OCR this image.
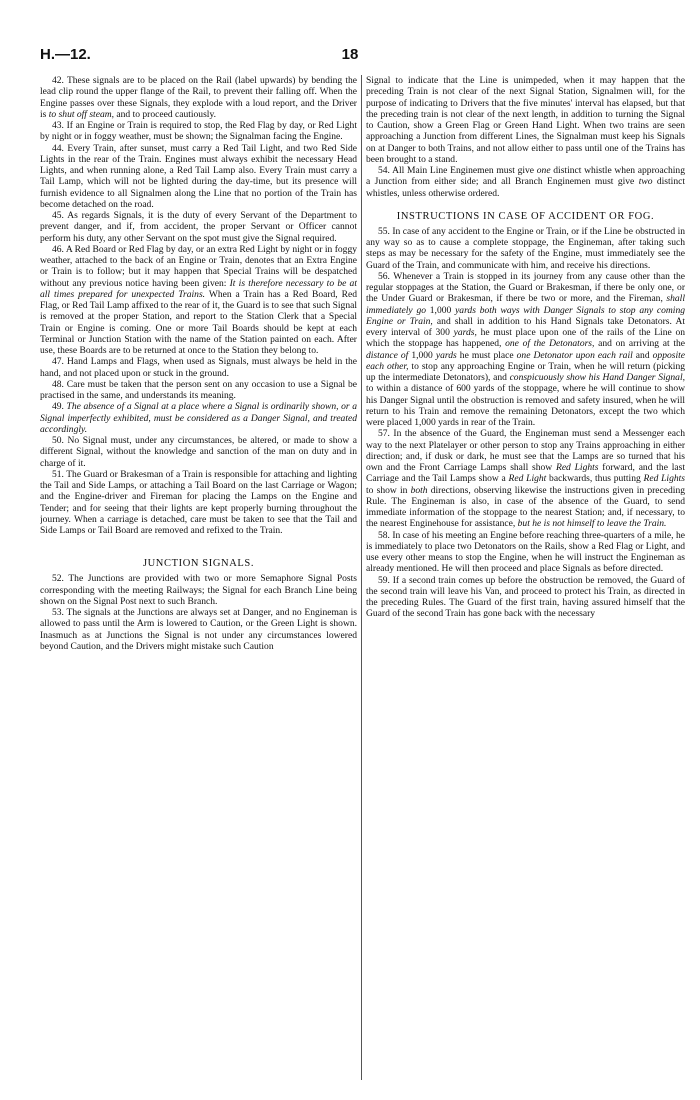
H.—12.	18

42. These signals are to be placed on the Rail (label upwards) by bending the lead clip round the upper flange of the Rail, to prevent their falling off. When the Engine passes over these Signals, they explode with a loud report, and the Driver is to shut off steam, and to proceed cautiously.

43. If an Engine or Train is required to stop, the Red Flag by day, or Red Light by night or in foggy weather, must be shown; the Signalman facing the Engine.

44. Every Train, after sunset, must carry a Red Tail Light, and two Red Side Lights in the rear of the Train. Engines must always exhibit the necessary Head Lights, and when running alone, a Red Tail Lamp also. Every Train must carry a Tail Lamp, which will not be lighted during the day-time, but its presence will furnish evidence to all Signalmen along the Line that no portion of the Train has become detached on the road.

45. As regards Signals, it is the duty of every Servant of the Department to prevent danger, and if, from accident, the proper Servant or Officer cannot perform his duty, any other Servant on the spot must give the Signal required.

46. A Red Board or Red Flag by day, or an extra Red Light by night or in foggy weather, attached to the back of an Engine or Train, denotes that an Extra Engine or Train is to follow; but it may happen that Special Trains will be despatched without any previous notice having been given: It is therefore necessary to be at all times prepared for unexpected Trains. When a Train has a Red Board, Red Flag, or Red Tail Lamp affixed to the rear of it, the Guard is to see that such Signal is removed at the proper Station, and report to the Station Clerk that a Special Train or Engine is coming. One or more Tail Boards should be kept at each Terminal or Junction Station with the name of the Station painted on each. After use, these Boards are to be returned at once to the Station they belong to.

47. Hand Lamps and Flags, when used as Signals, must always be held in the hand, and not placed upon or stuck in the ground.

48. Care must be taken that the person sent on any occasion to use a Signal be practised in the same, and understands its meaning.

49. The absence of a Signal at a place where a Signal is ordinarily shown, or a Signal imperfectly exhibited, must be considered as a Danger Signal, and treated accordingly.

50. No Signal must, under any circumstances, be altered, or made to show a different Signal, without the knowledge and sanction of the man on duty and in charge of it.

51. The Guard or Brakesman of a Train is responsible for attaching and lighting the Tail and Side Lamps, or attaching a Tail Board on the last Carriage or Wagon; and the Engine-driver and Fireman for placing the Lamps on the Engine and Tender; and for seeing that their lights are kept properly burning throughout the journey. When a carriage is detached, care must be taken to see that the Tail and Side Lamps or Tail Board are removed and refixed to the Train.

JUNCTION SIGNALS.

52. The Junctions are provided with two or more Semaphore Signal Posts corresponding with the meeting Railways; the Signal for each Branch Line being shown on the Signal Post next to such Branch.

53. The signals at the Junctions are always set at Danger, and no Engineman is allowed to pass until the Arm is lowered to Caution, or the Green Light is shown. Inasmuch as at Junctions the Signal is not under any circumstances lowered beyond Caution, and the Drivers might mistake such Caution

Signal to indicate that the Line is unimpeded, when it may happen that the preceding Train is not clear of the next Signal Station, Signalmen will, for the purpose of indicating to Drivers that the five minutes' interval has elapsed, but that the preceding train is not clear of the next length, in addition to turning the Signal to Caution, show a Green Flag or Green Hand Light. When two trains are seen approaching a Junction from different Lines, the Signalman must keep his Signals on at Danger to both Trains, and not allow either to pass until one of the Trains has been brought to a stand.

54. All Main Line Enginemen must give one distinct whistle when approaching a Junction from either side; and all Branch Enginemen must give two distinct whistles, unless otherwise ordered.

INSTRUCTIONS IN CASE OF ACCIDENT OR FOG.

55. In case of any accident to the Engine or Train, or if the Line be obstructed in any way so as to cause a complete stoppage, the Engineman, after taking such steps as may be necessary for the safety of the Engine, must immediately see the Guard of the Train, and communicate with him, and receive his directions.

56. Whenever a Train is stopped in its journey from any cause other than the regular stoppages at the Station, the Guard or Brakesman, if there be only one, or the Under Guard or Brakesman, if there be two or more, and the Fireman, shall immediately go 1,000 yards both ways with Danger Signals to stop any coming Engine or Train, and shall in addition to his Hand Signals take Detonators. At every interval of 300 yards, he must place upon one of the rails of the Line on which the stoppage has happened, one of the Detonators, and on arriving at the distance of 1,000 yards he must place one Detonator upon each rail and opposite each other, to stop any approaching Engine or Train, when he will return (picking up the intermediate Detonators), and conspicuously show his Hand Danger Signal, to within a distance of 600 yards of the stoppage, where he will continue to show his Danger Signal until the obstruction is removed and safety insured, when he will return to his Train and remove the remaining Detonators, except the two which were placed 1,000 yards in rear of the Train.

57. In the absence of the Guard, the Engineman must send a Messenger each way to the next Platelayer or other person to stop any Trains approaching in either direction; and, if dusk or dark, he must see that the Lamps are so turned that his own and the Front Carriage Lamps shall show Red Lights forward, and the last Carriage and the Tail Lamps show a Red Light backwards, thus putting Red Lights to show in both directions, observing likewise the instructions given in preceding Rule. The Engineman is also, in case of the absence of the Guard, to send immediate information of the stoppage to the nearest Station; and, if necessary, to the nearest Enginehouse for assistance, but he is not himself to leave the Train.

58. In case of his meeting an Engine before reaching three-quarters of a mile, he is immediately to place two Detonators on the Rails, show a Red Flag or Light, and use every other means to stop the Engine, when he will instruct the Engineman as already mentioned. He will then proceed and place Signals as before directed.

59. If a second train comes up before the obstruction be removed, the Guard of the second train will leave his Van, and proceed to protect his Train, as directed in the preceding Rules. The Guard of the first train, having assured himself that the Guard of the second Train has gone back with the necessary
